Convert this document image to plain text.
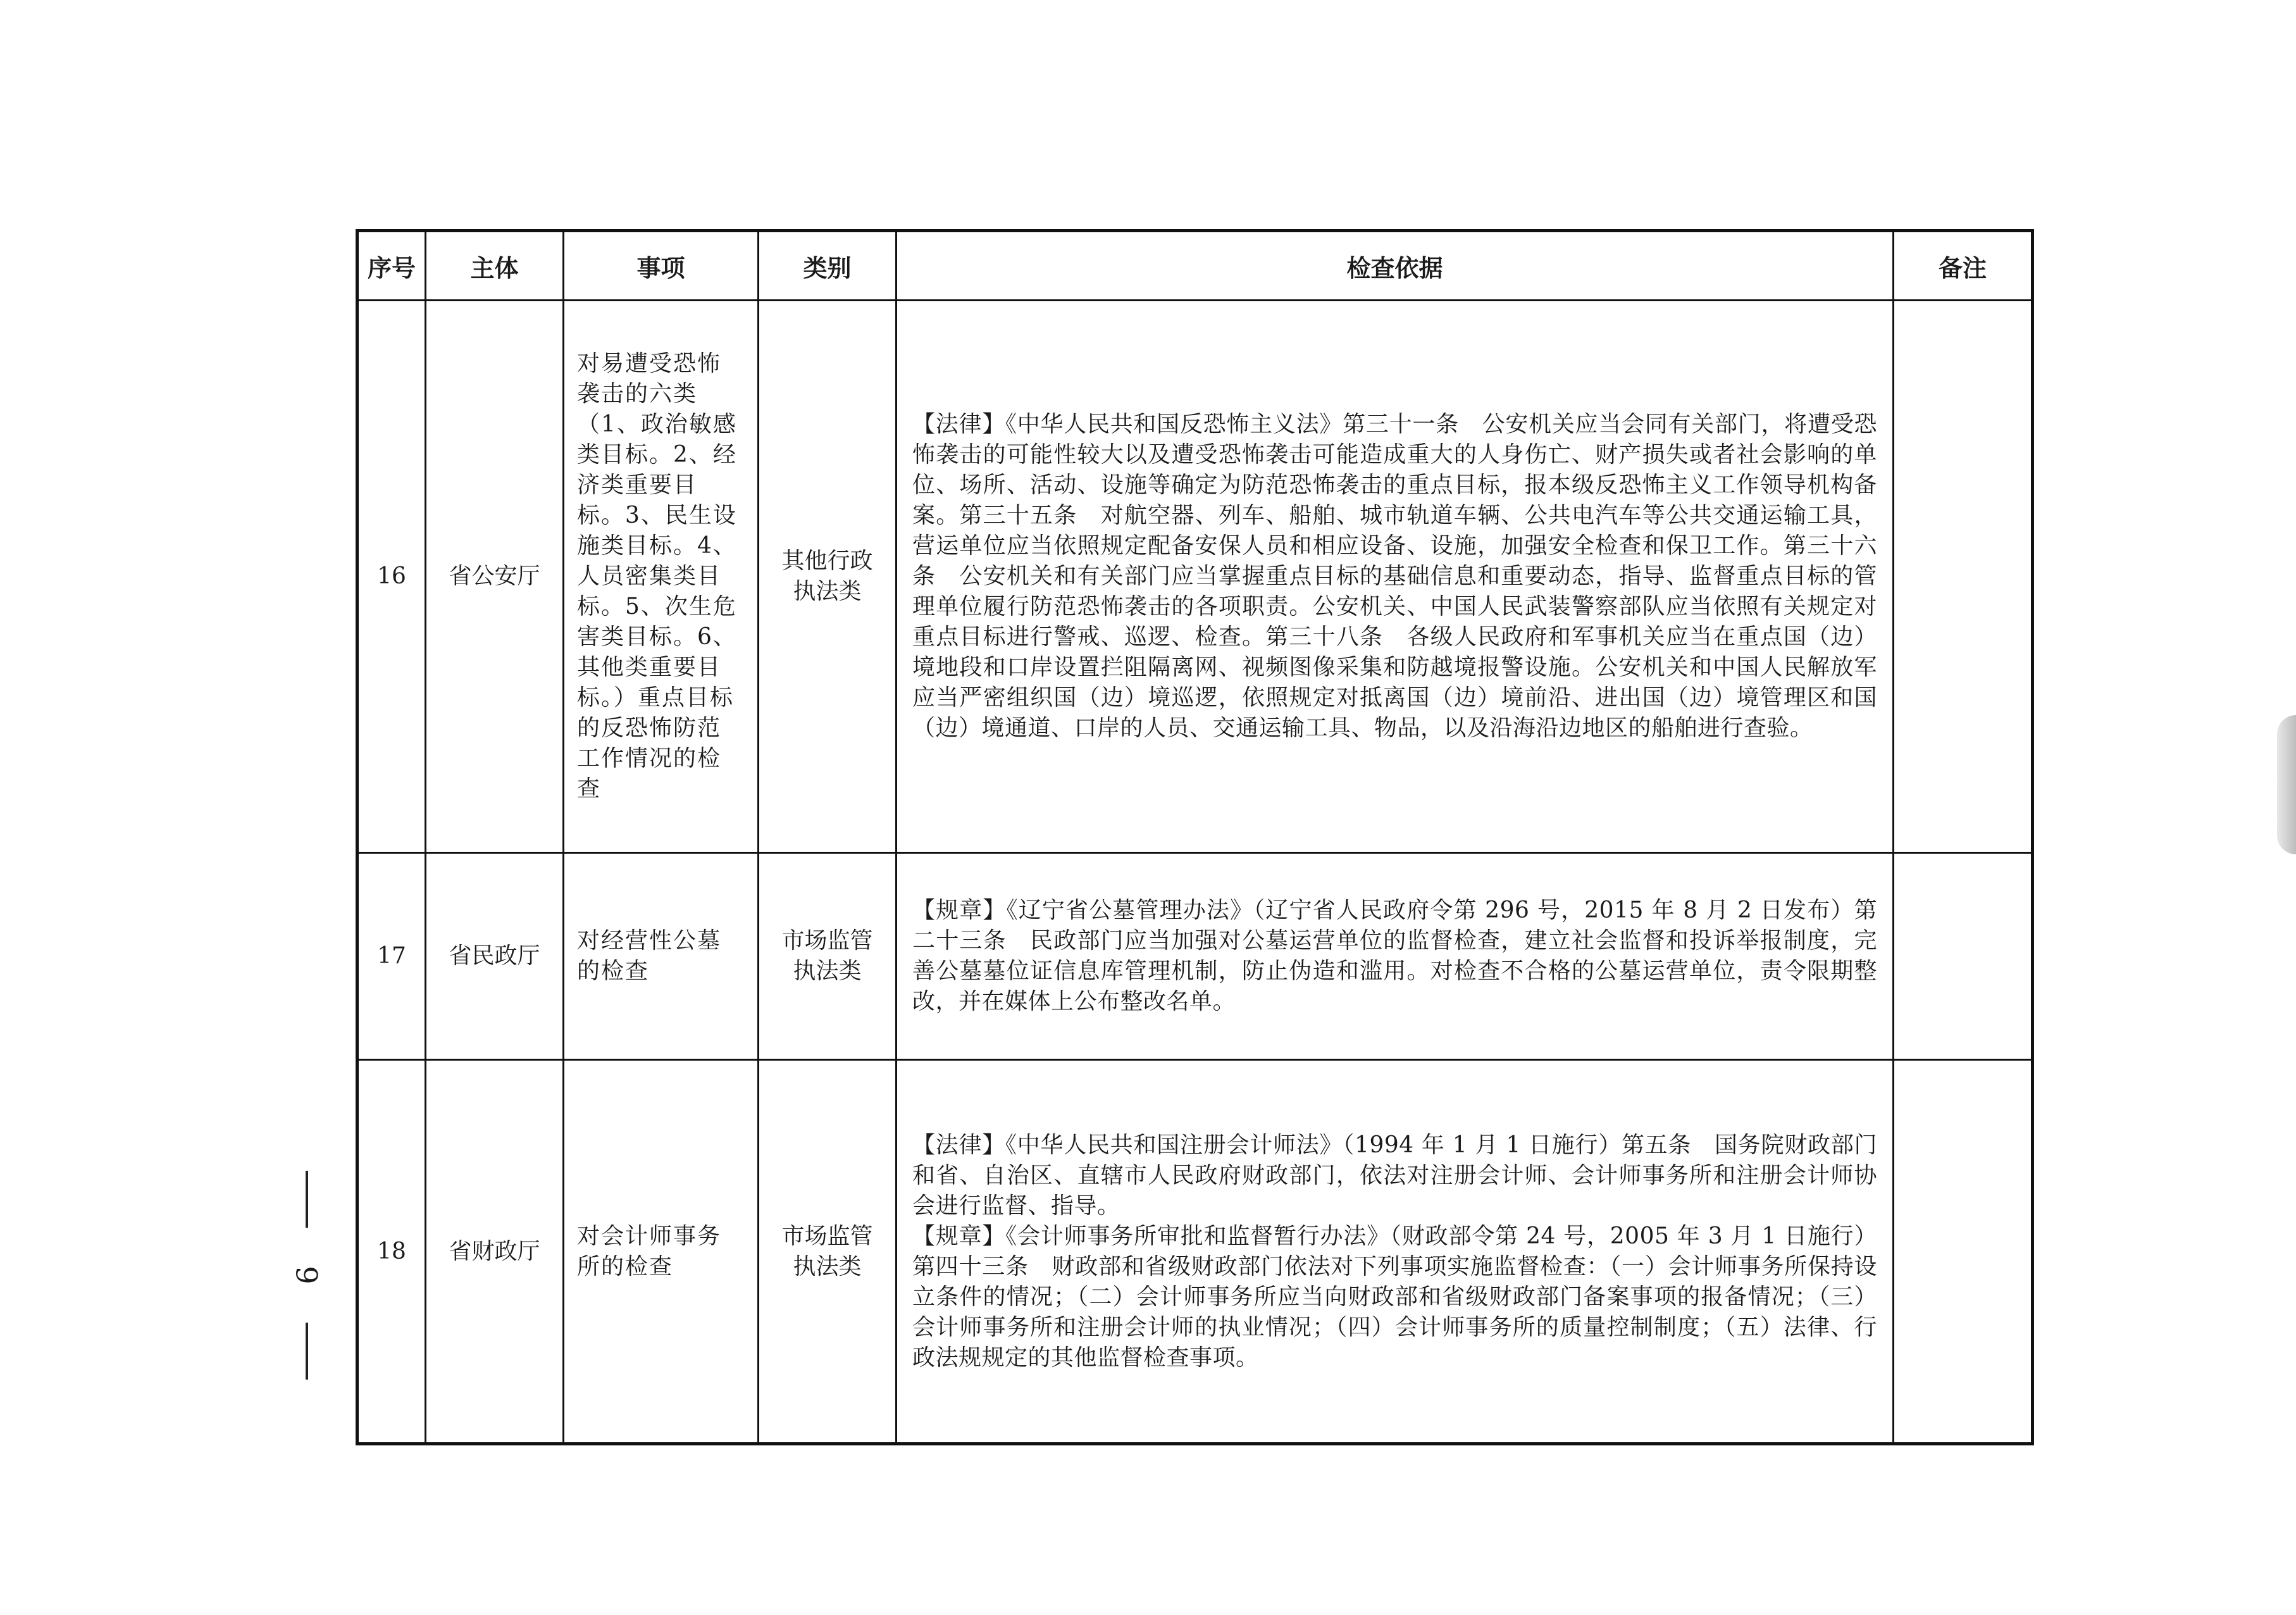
序号	主体	事项	类别	检查依据	备注
16	省公安厅	对易遭受恐怖袭击的六类（1、政治敏感类目标。2、经济类重要目标。3、民生设施类目标。4、人员密集类目标。5、次生危害类目标。6、其他类重要目标。）重点目标的反恐怖防范工作情况的检查	其他行政执法类	【法律】《中华人民共和国反恐怖主义法》第三十一条　公安机关应当会同有关部门，将遭受恐怖袭击的可能性较大以及遭受恐怖袭击可能造成重大的人身伤亡、财产损失或者社会影响的单位、场所、活动、设施等确定为防范恐怖袭击的重点目标，报本级反恐怖主义工作领导机构备案。第三十五条　对航空器、列车、船舶、城市轨道车辆、公共电汽车等公共交通运输工具，营运单位应当依照规定配备安保人员和相应设备、设施，加强安全检查和保卫工作。第三十六条　公安机关和有关部门应当掌握重点目标的基础信息和重要动态，指导、监督重点目标的管理单位履行防范恐怖袭击的各项职责。公安机关、中国人民武装警察部队应当依照有关规定对重点目标进行警戒、巡逻、检查。第三十八条　各级人民政府和军事机关应当在重点国（边）境地段和口岸设置拦阻隔离网、视频图像采集和防越境报警设施。公安机关和中国人民解放军应当严密组织国（边）境巡逻，依照规定对抵离国（边）境前沿、进出国（边）境管理区和国（边）境通道、口岸的人员、交通运输工具、物品，以及沿海沿边地区的船舶进行查验。	

17	省民政厅	对经营性公墓的检查	市场监管执法类	【规章】《辽宁省公墓管理办法》（辽宁省人民政府令第 296 号，2015 年 8 月 2 日发布）第二十三条　民政部门应当加强对公墓运营单位的监督检查，建立社会监督和投诉举报制度，完善公墓墓位证信息库管理机制，防止伪造和滥用。对检查不合格的公墓运营单位，责令限期整改，并在媒体上公布整改名单。	

18	省财政厅	对会计师事务所的检查	市场监管执法类	【法律】《中华人民共和国注册会计师法》（1994 年 1 月 1 日施行）第五条　国务院财政部门和省、自治区、直辖市人民政府财政部门，依法对注册会计师、会计师事务所和注册会计师协会进行监督、指导。
【规章】《会计师事务所审批和监督暂行办法》（财政部令第 24 号，2005 年 3 月 1 日施行）第四十三条　财政部和省级财政部门依法对下列事项实施监督检查：（一）会计师事务所保持设立条件的情况；（二）会计师事务所应当向财政部和省级财政部门备案事项的报备情况；（三）会计师事务所和注册会计师的执业情况；（四）会计师事务所的质量控制制度；（五）法律、行政法规规定的其他监督检查事项。	

9
